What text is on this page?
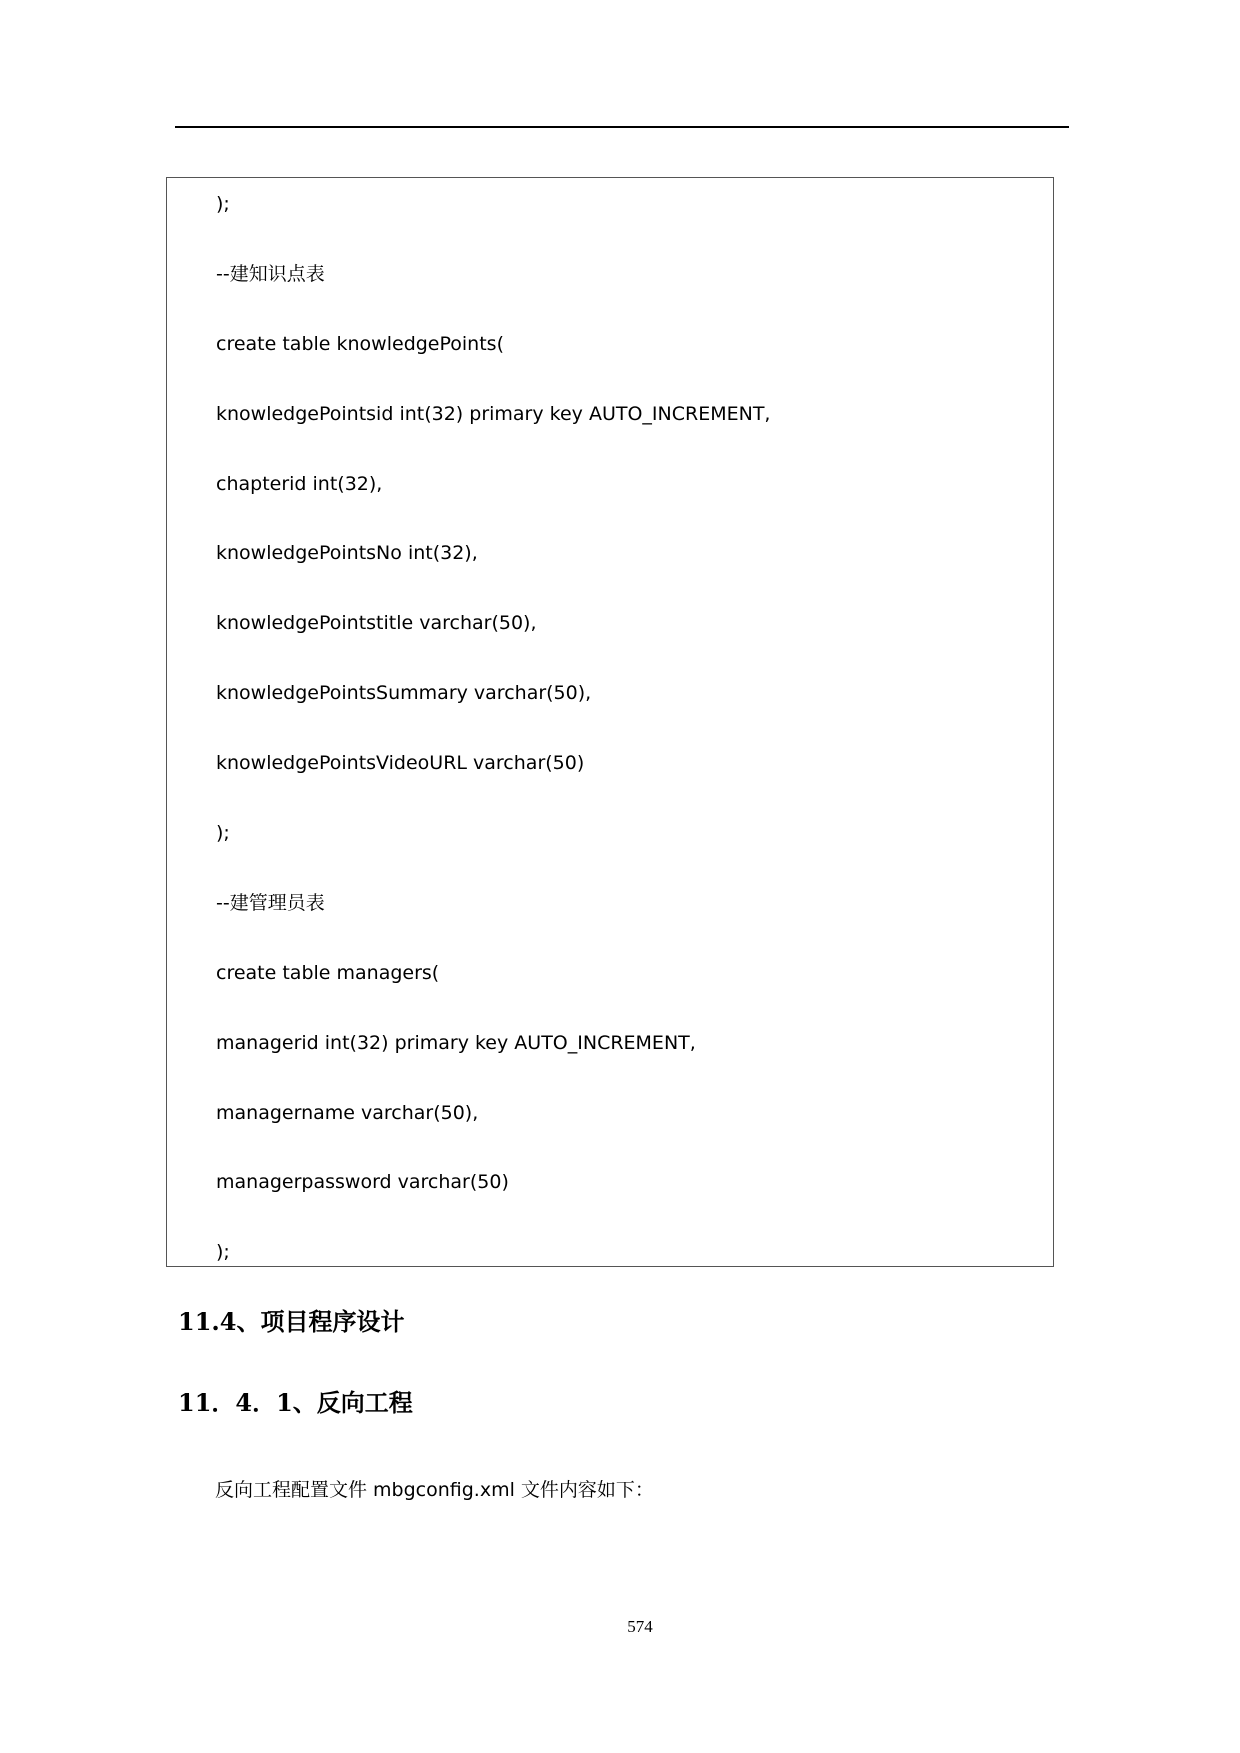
);

--建知识点表

create table knowledgePoints(

knowledgePointsid int(32) primary key AUTO_INCREMENT,

chapterid int(32),

knowledgePointsNo int(32),

knowledgePointstitle varchar(50),

knowledgePointsSummary varchar(50),

knowledgePointsVideoURL varchar(50)

);

--建管理员表

create table managers(

managerid int(32) primary key AUTO_INCREMENT,

managername varchar(50),

managerpassword varchar(50)

);

11.4、项目程序设计
11．4．1、反向工程

反向工程配置文件 mbgconfig.xml 文件内容如下：

574
